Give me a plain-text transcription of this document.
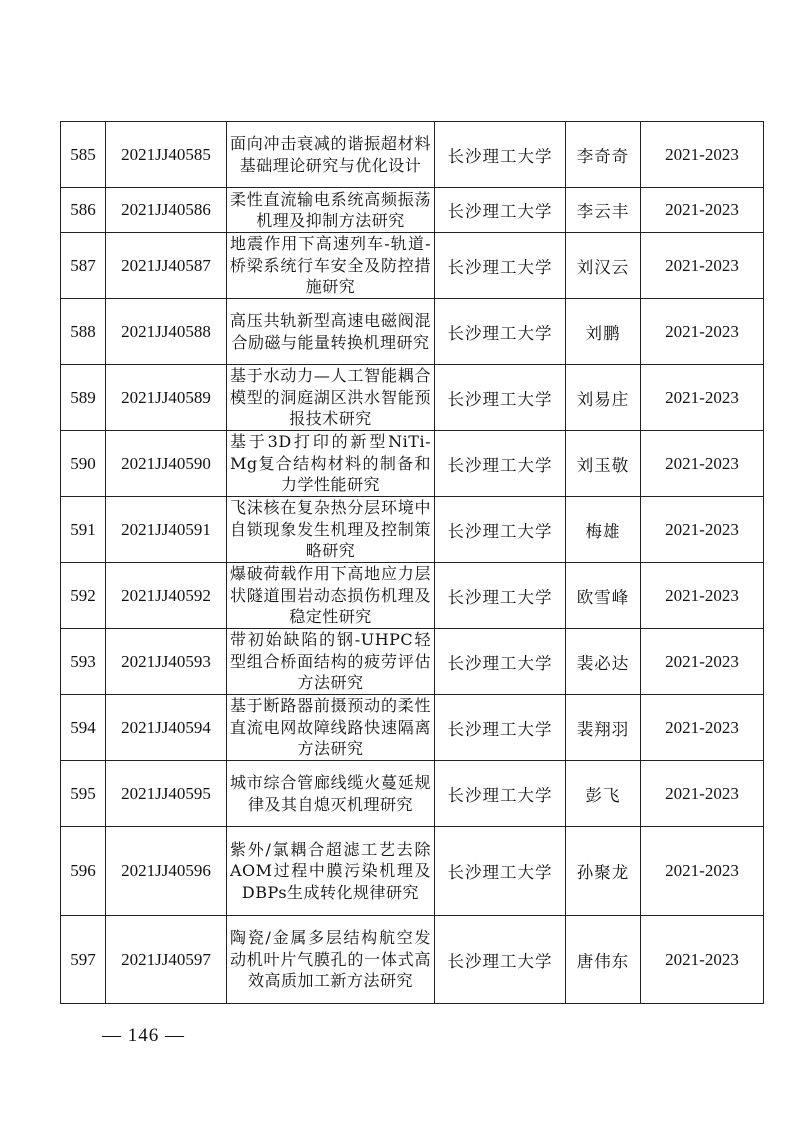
585	2021JJ40585	面向冲击衰减的谐振超材料基础理论研究与优化设计	长沙理工大学	李奇奇	2021-2023
586	2021JJ40586	柔性直流输电系统高频振荡机理及抑制方法研究	长沙理工大学	李云丰	2021-2023
587	2021JJ40587	地震作用下高速列车-轨道-桥梁系统行车安全及防控措施研究	长沙理工大学	刘汉云	2021-2023
588	2021JJ40588	高压共轨新型高速电磁阀混合励磁与能量转换机理研究	长沙理工大学	刘鹏	2021-2023
589	2021JJ40589	基于水动力—人工智能耦合模型的洞庭湖区洪水智能预报技术研究	长沙理工大学	刘易庄	2021-2023
590	2021JJ40590	基于3D打印的新型NiTi-Mg复合结构材料的制备和力学性能研究	长沙理工大学	刘玉敬	2021-2023
591	2021JJ40591	飞沫核在复杂热分层环境中自锁现象发生机理及控制策略研究	长沙理工大学	梅雄	2021-2023
592	2021JJ40592	爆破荷载作用下高地应力层状隧道围岩动态损伤机理及稳定性研究	长沙理工大学	欧雪峰	2021-2023
593	2021JJ40593	带初始缺陷的钢-UHPC轻型组合桥面结构的疲劳评估方法研究	长沙理工大学	裴必达	2021-2023
594	2021JJ40594	基于断路器前摄预动的柔性直流电网故障线路快速隔离方法研究	长沙理工大学	裴翔羽	2021-2023
595	2021JJ40595	城市综合管廊线缆火蔓延规律及其自熄灭机理研究	长沙理工大学	彭飞	2021-2023
596	2021JJ40596	紫外/氯耦合超滤工艺去除AOM过程中膜污染机理及DBPs生成转化规律研究	长沙理工大学	孙聚龙	2021-2023
597	2021JJ40597	陶瓷/金属多层结构航空发动机叶片气膜孔的一体式高效高质加工新方法研究	长沙理工大学	唐伟东	2021-2023
— 146 —
